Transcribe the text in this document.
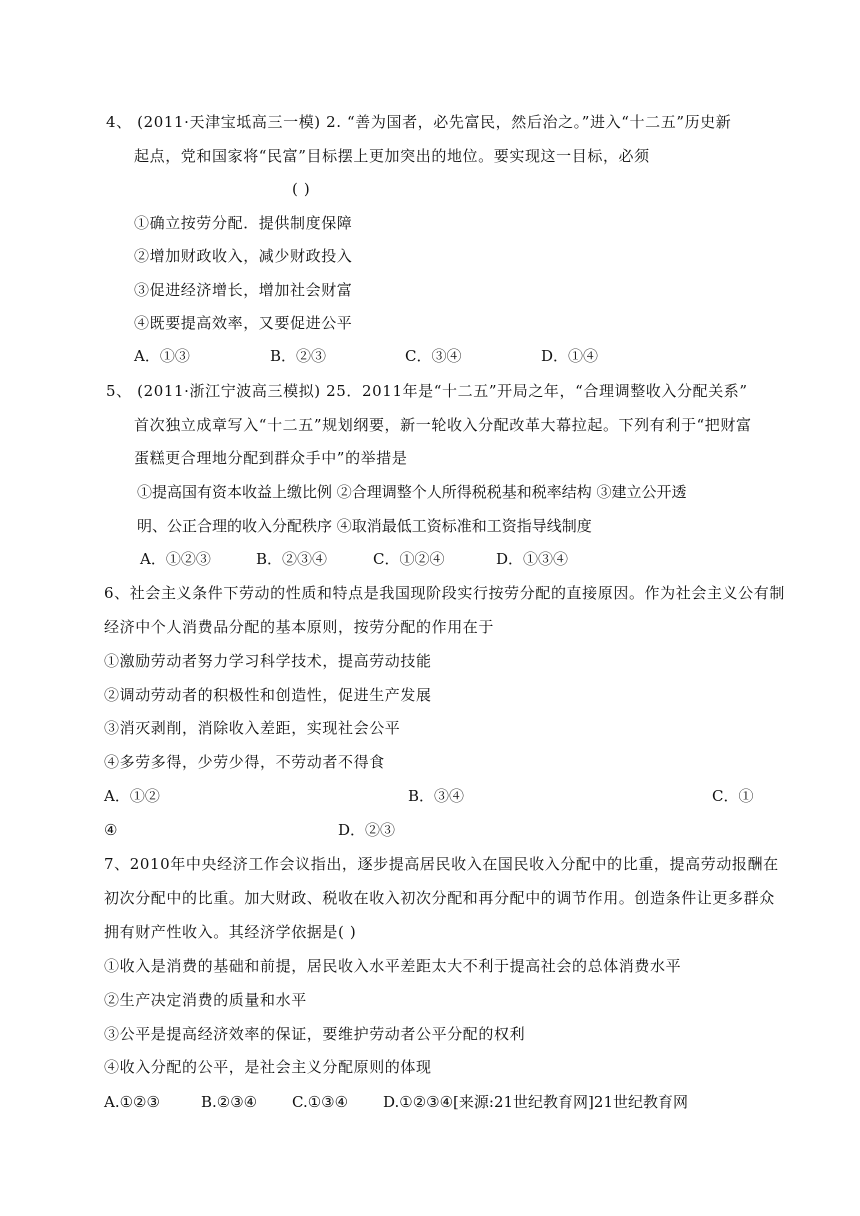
4、 (2011·天津宝坻高三一模) 2. “善为国者，必先富民，然后治之。”进入“十二五”历史新
起点，党和国家将“民富”目标摆上更加突出的地位。要实现这一目标，必须
( )
①确立按劳分配．提供制度保障
②增加财政收入，减少财政投入
③促进经济增长，增加社会财富
④既要提高效率，又要促进公平
A．①③	B．②③	C．③④	D．①④
5、 (2011·浙江宁波高三模拟) 25．2011年是“十二五”开局之年，“合理调整收入分配关系”
首次独立成章写入“十二五”规划纲要，新一轮收入分配改革大幕拉起。下列有利于“把财富
蛋糕更合理地分配到群众手中”的举措是
①提高国有资本收益上缴比例 ②合理调整个人所得税税基和税率结构 ③建立公开透
明、公正合理的收入分配秩序 ④取消最低工资标准和工资指导线制度
A．①②③	B．②③④	C．①②④	D．①③④
6、社会主义条件下劳动的性质和特点是我国现阶段实行按劳分配的直接原因。作为社会主义公有制
经济中个人消费品分配的基本原则，按劳分配的作用在于
①激励劳动者努力学习科学技术，提高劳动技能
②调动劳动者的积极性和创造性，促进生产发展
③消灭剥削，消除收入差距，实现社会公平
④多劳多得，少劳少得，不劳动者不得食
A．①②	B．③④	C．①
④	D．②③
7、2010年中央经济工作会议指出，逐步提高居民收入在国民收入分配中的比重，提高劳动报酬在
初次分配中的比重。加大财政、税收在收入初次分配和再分配中的调节作用。创造条件让更多群众
拥有财产性收入。其经济学依据是( )
①收入是消费的基础和前提，居民收入水平差距太大不利于提高社会的总体消费水平
②生产决定消费的质量和水平
③公平是提高经济效率的保证，要维护劳动者公平分配的权利
④收入分配的公平，是社会主义分配原则的体现
A.①②③	B.②③④ C.①③④ D.①②③④[来源:21世纪教育网]21世纪教育网
